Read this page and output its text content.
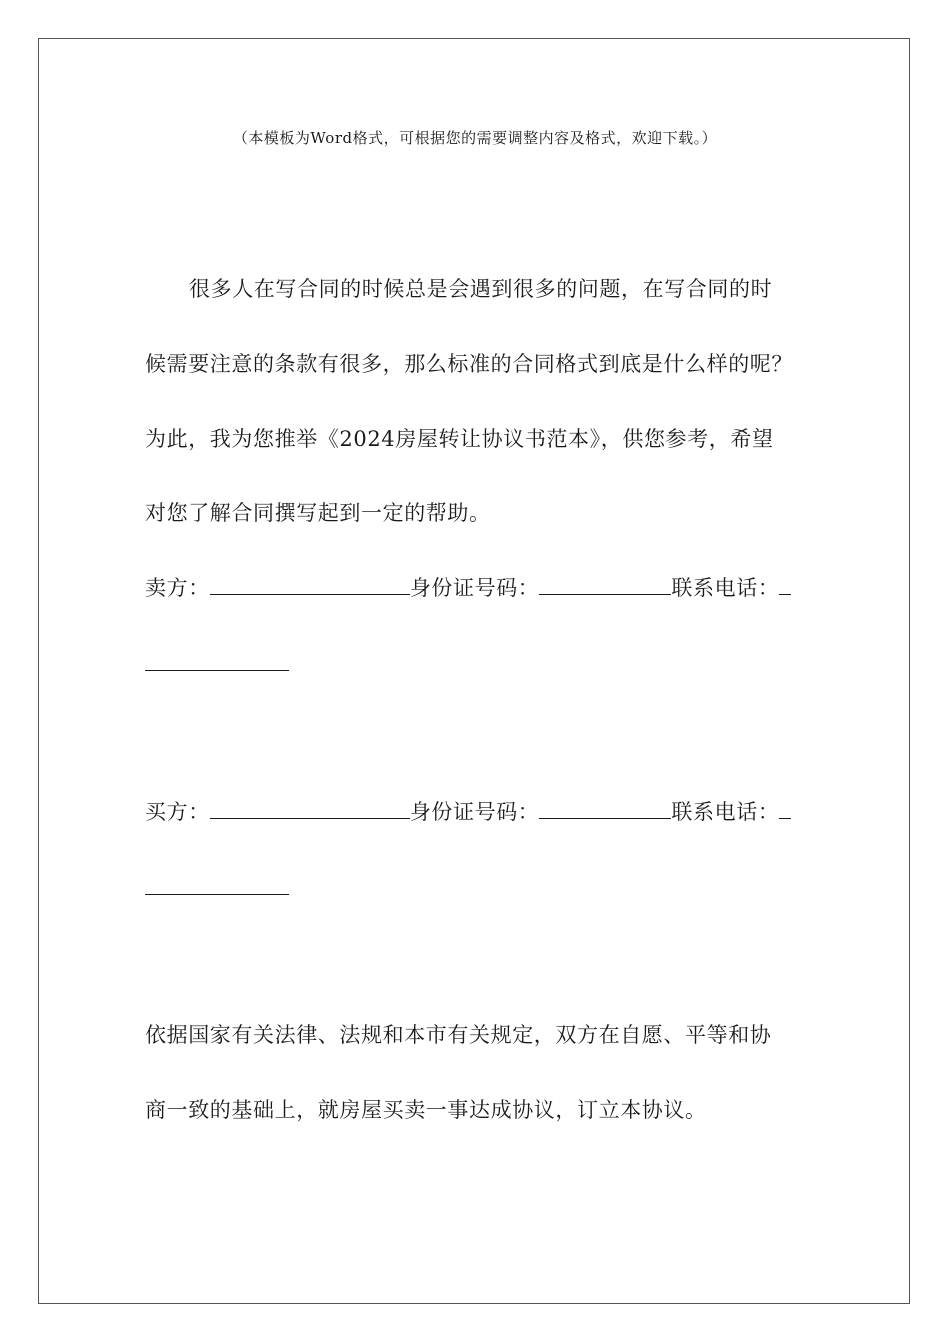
（本模板为Word格式，可根据您的需要调整内容及格式，欢迎下载。）
很多人在写合同的时候总是会遇到很多的问题，在写合同的时
候需要注意的条款有很多，那么标准的合同格式到底是什么样的呢？
为此，我为您推举《2024房屋转让协议书范本》，供您参考，希望
对您了解合同撰写起到一定的帮助。
卖方：	身份证号码：	联系电话：
买方：	身份证号码：	联系电话：
依据国家有关法律、法规和本市有关规定，双方在自愿、平等和协
商一致的基础上，就房屋买卖一事达成协议，订立本协议。
